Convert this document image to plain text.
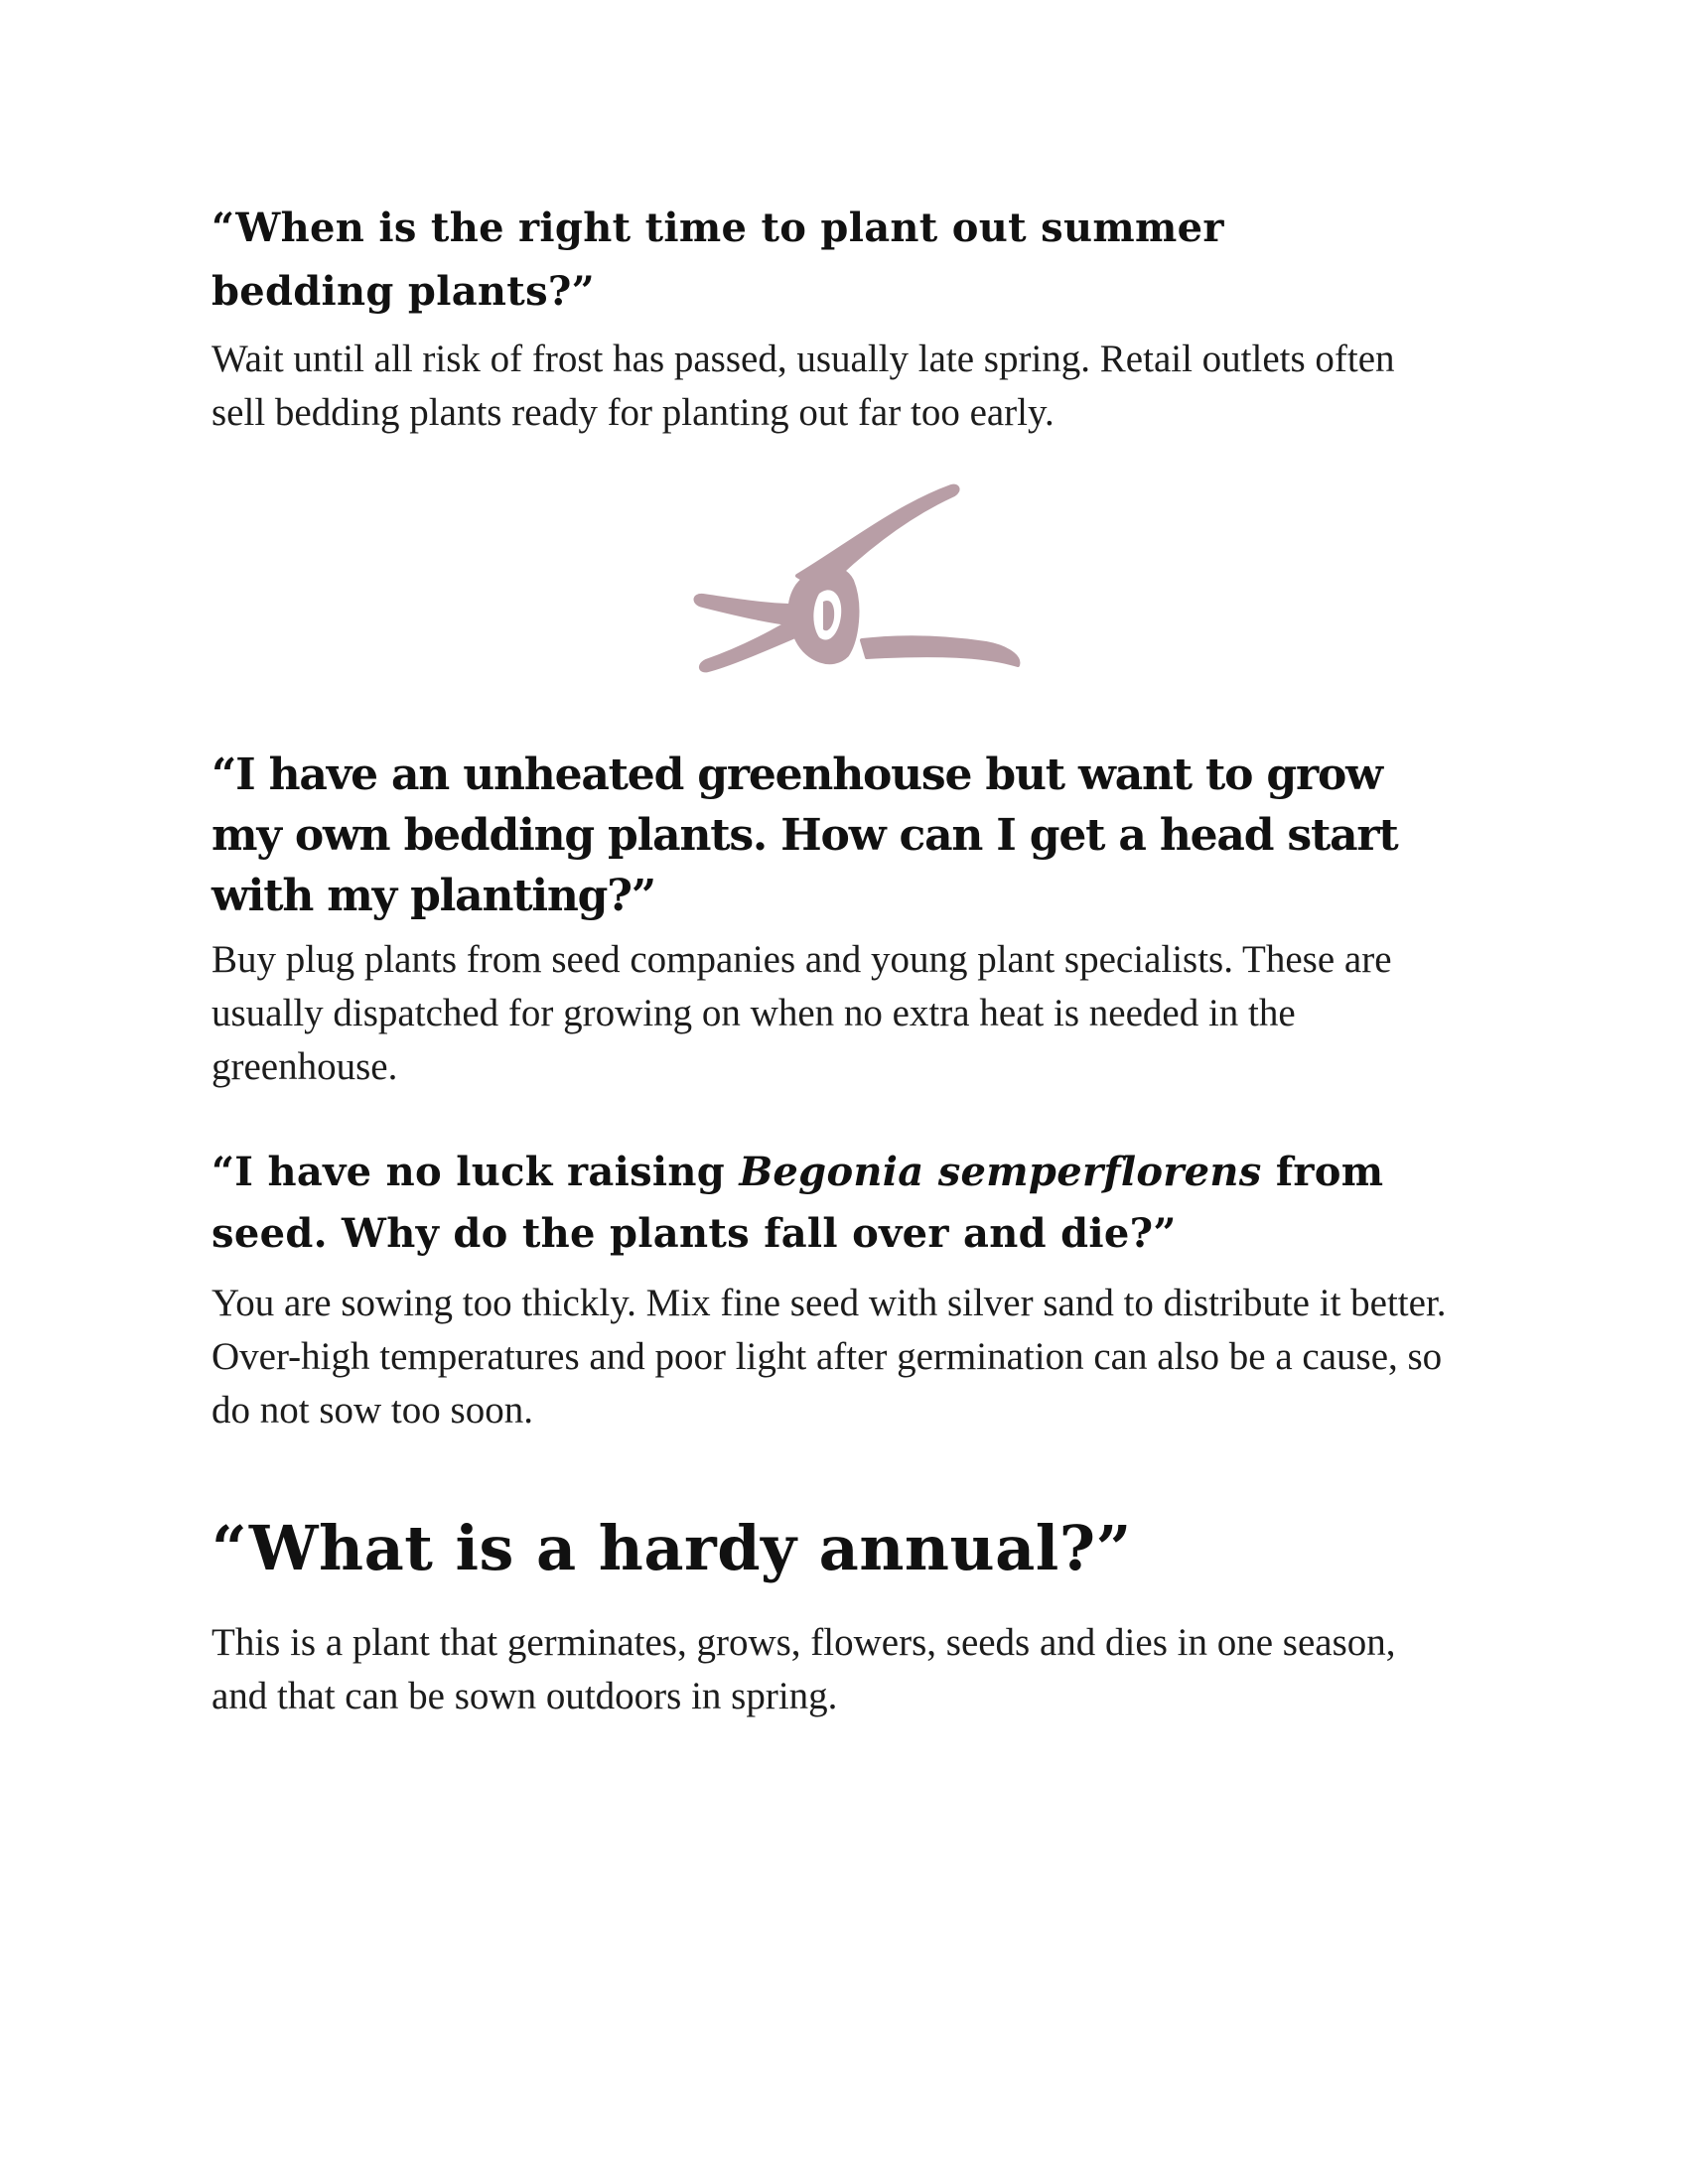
“When is the right time to plant out summer bedding plants?”

Wait until all risk of frost has passed, usually late spring. Retail outlets often sell bedding plants ready for planting out far too early.

“I have an unheated greenhouse but want to grow my own bedding plants. How can I get a head start with my planting?”

Buy plug plants from seed companies and young plant specialists. These are usually dispatched for growing on when no extra heat is needed in the greenhouse.

“I have no luck raising Begonia semperflorens from seed. Why do the plants fall over and die?”

You are sowing too thickly. Mix fine seed with silver sand to distribute it better. Over-high temperatures and poor light after germination can also be a cause, so do not sow too soon.

“What is a hardy annual?”

This is a plant that germinates, grows, flowers, seeds and dies in one season, and that can be sown outdoors in spring.
